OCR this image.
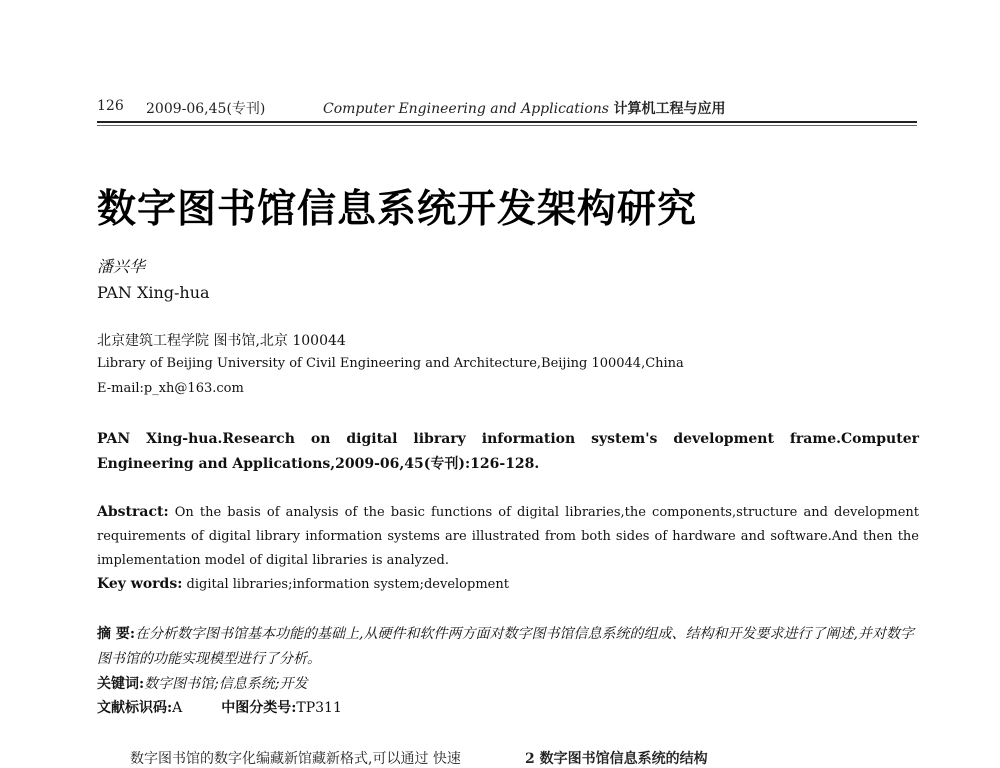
126 2009-06,45(专刊)	Computer Engineering and Applications 计算机工程与应用
数字图书馆信息系统开发架构研究
潘兴华
PAN Xing-hua
北京建筑工程学院 图书馆,北京 100044
Library of Beijing University of Civil Engineering and Architecture,Beijing 100044,China
E-mail:p_xh@163.com
PAN Xing-hua.Research on digital library information system's development frame.Computer Engineering and Applications,2009-06,45(专刊):126-128.
Abstract: On the basis of analysis of the basic functions of digital libraries,the components,structure and development requirements of digital library information systems are illustrated from both sides of hardware and software.And then the implementation model of digital libraries is analyzed.
Key words: digital libraries;information system;development
摘 要:在分析数字图书馆基本功能的基础上,从硬件和软件两方面对数字图书馆信息系统的组成、结构和开发要求进行了阐述,并对数字图书馆的功能实现模型进行了分析。
关键词:数字图书馆;信息系统;开发
文献标识码:A	中图分类号:TP311
数字图书馆的数字化编藏新馆藏新格式,可以通过 快速	2 数字图书馆信息系统的结构
